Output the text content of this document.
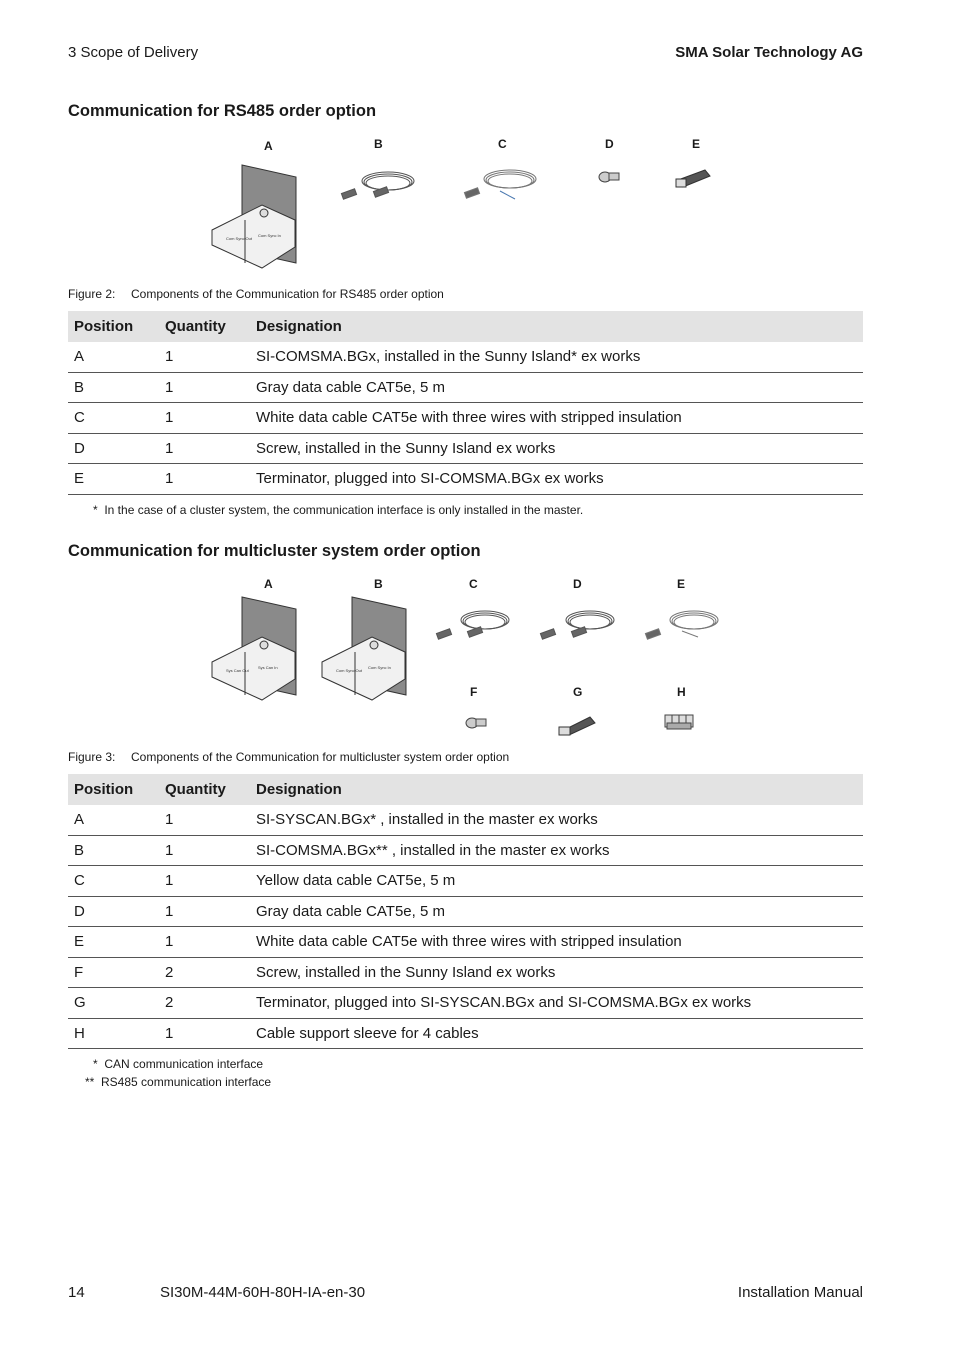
3 Scope of Delivery	SMA Solar Technology AG
Communication for RS485 order option
A	B	C	D	E
Com Sync Out
Com Sync In
Figure 2: Components of the Communication for RS485 order option
Position	Quantity	Designation
A	1	SI-COMSMA.BGx, installed in the Sunny Island* ex works
B	1	Gray data cable CAT5e, 5 m
C	1	White data cable CAT5e with three wires with stripped insulation
D	1	Screw, installed in the Sunny Island ex works
E	1	Terminator, plugged into SI-COMSMA.BGx ex works
* In the case of a cluster system, the communication interface is only installed in the master.
Communication for multicluster system order option
A	B	C	D	E
F	G	H
Sys Can Out
Sys Can In
Com Sync Out
Com Sync In
Figure 3: Components of the Communication for multicluster system order option
Position	Quantity	Designation
A	1	SI-SYSCAN.BGx* , installed in the master ex works
B	1	SI-COMSMA.BGx** , installed in the master ex works
C	1	Yellow data cable CAT5e, 5 m
D	1	Gray data cable CAT5e, 5 m
E	1	White data cable CAT5e with three wires with stripped insulation
F	2	Screw, installed in the Sunny Island ex works
G	2	Terminator, plugged into SI-SYSCAN.BGx and SI-COMSMA.BGx ex works
H	1	Cable support sleeve for 4 cables
* CAN communication interface
** RS485 communication interface
14	SI30M-44M-60H-80H-IA-en-30	Installation Manual
